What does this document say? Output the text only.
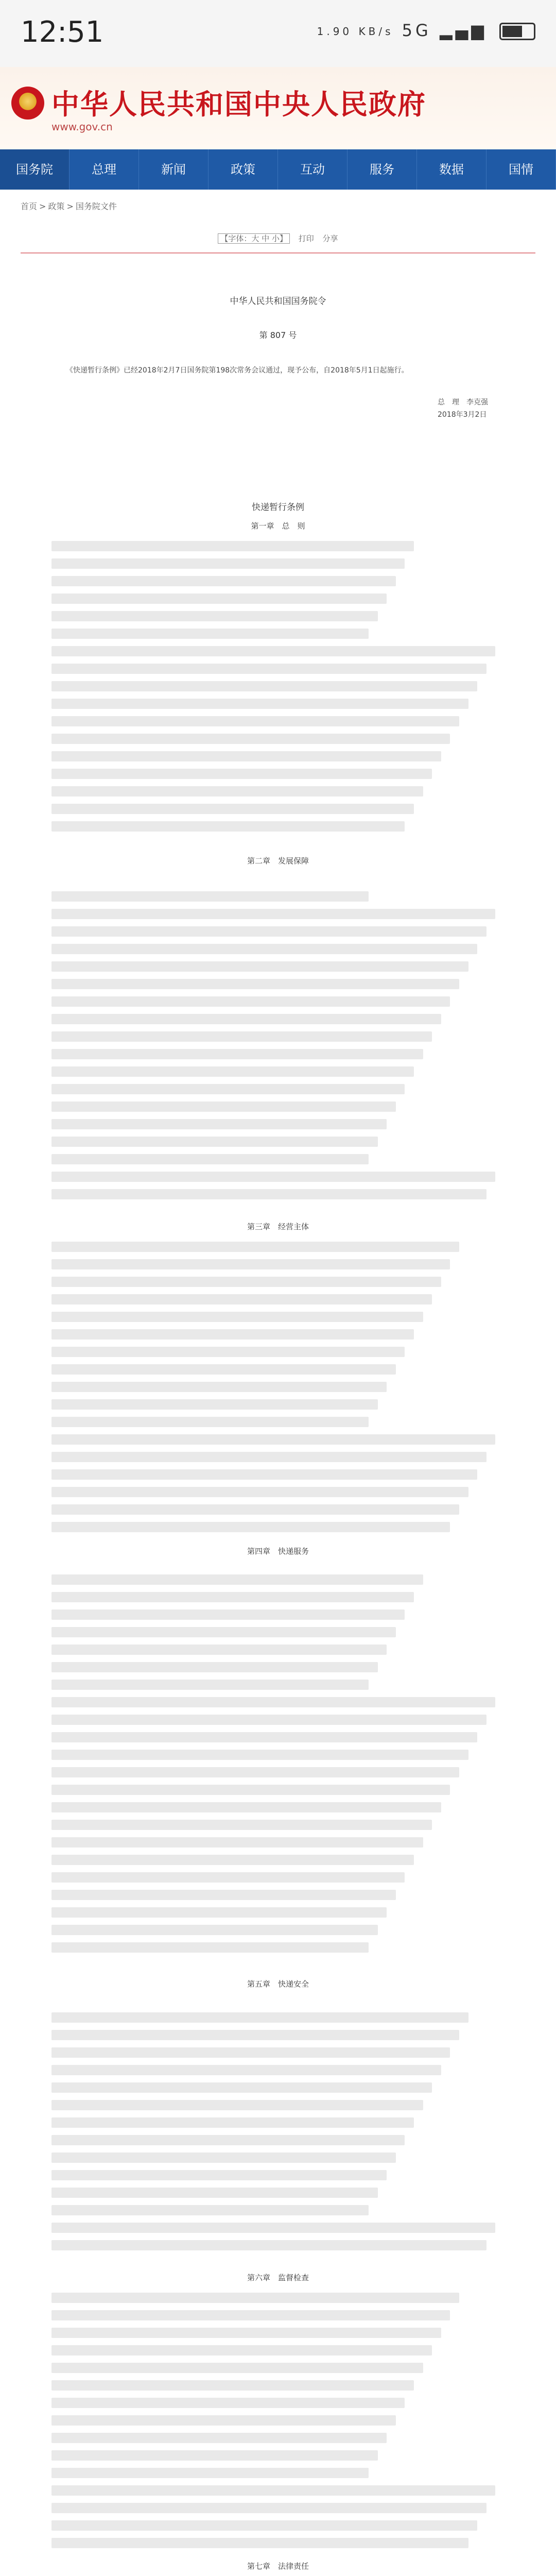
12:51	1.90 KB/s 5G ▂▄▆
中华人民共和国中央人民政府
www.gov.cn
国务院	总理	新闻	政策	互动	服务	数据	国情
首页 > 政策 > 国务院文件
【字体：大 中 小】 打印 分享
中华人民共和国国务院令
第 807 号
《快递暂行条例》已经2018年2月7日国务院第198次常务会议通过，现予公布，自2018年5月1日起施行。
总　理　李克强
2018年3月2日
快递暂行条例
第一章　总　则
第二章　发展保障
第三章　经营主体
第四章　快递服务
第五章　快递安全
第六章　监督检查
第七章　法律责任
